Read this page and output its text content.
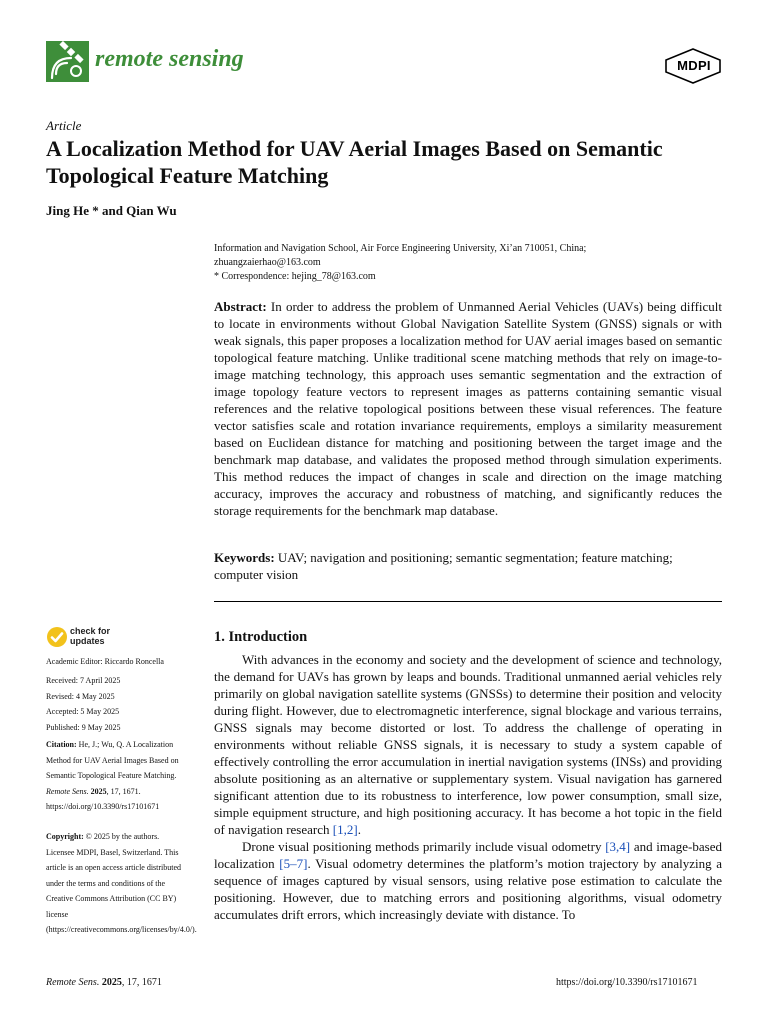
remote sensing	MDPI
Article
A Localization Method for UAV Aerial Images Based on Semantic Topological Feature Matching
Jing He * and Qian Wu
Information and Navigation School, Air Force Engineering University, Xi’an 710051, China;
zhuangzaierhao@163.com
* Correspondence: hejing_78@163.com
Abstract: In order to address the problem of Unmanned Aerial Vehicles (UAVs) being difficult to locate in environments without Global Navigation Satellite System (GNSS) signals or with weak signals, this paper proposes a localization method for UAV aerial images based on semantic topological feature matching. Unlike traditional scene matching methods that rely on image-to-image matching technology, this approach uses semantic segmentation and the extraction of image topology feature vectors to represent images as patterns containing semantic visual references and the relative topological positions between these visual references. The feature vector satisfies scale and rotation invariance requirements, employs a similarity measurement based on Euclidean distance for matching and positioning between the target image and the benchmark map database, and validates the proposed method through simulation experiments. This method reduces the impact of changes in scale and direction on the image matching accuracy, improves the accuracy and robustness of matching, and significantly reduces the storage requirements for the benchmark map database.
Keywords: UAV; navigation and positioning; semantic segmentation; feature matching; computer vision
check for
updates
Academic Editor: Riccardo Roncella
Received: 7 April 2025
Revised: 4 May 2025
Accepted: 5 May 2025
Published: 9 May 2025
Citation: He, J.; Wu, Q. A Localization Method for UAV Aerial Images Based on Semantic Topological Feature Matching. Remote Sens. 2025, 17, 1671. https://doi.org/10.3390/rs17101671
Copyright: © 2025 by the authors. Licensee MDPI, Basel, Switzerland. This article is an open access article distributed under the terms and conditions of the Creative Commons Attribution (CC BY) license (https://creativecommons.org/licenses/by/4.0/).
1. Introduction

With advances in the economy and society and the development of science and technology, the demand for UAVs has grown by leaps and bounds. Traditional unmanned aerial vehicles rely primarily on global navigation satellite systems (GNSSs) to determine their position and velocity during flight. However, due to electromagnetic interference, signal blockage and various terrains, GNSS signals may become distorted or lost. To address the challenge of operating in environments without reliable GNSS signals, it is necessary to study a system capable of effectively controlling the error accumulation in inertial navigation systems (INSs) and providing absolute positioning as an alternative or supplementary system. Visual navigation has garnered significant attention due to its robustness to interference, low power consumption, small size, simple equipment structure, and high positioning accuracy. It has become a hot topic in the field of navigation research [1,2].

Drone visual positioning methods primarily include visual odometry [3,4] and image-based localization [5–7]. Visual odometry determines the platform’s motion trajectory by analyzing a sequence of images captured by visual sensors, using relative pose estimation to calculate the positioning. However, due to matching errors and positioning algorithms, visual odometry accumulates drift errors, which increasingly deviate with distance. To

Remote Sens. 2025, 17, 1671	https://doi.org/10.3390/rs17101671
